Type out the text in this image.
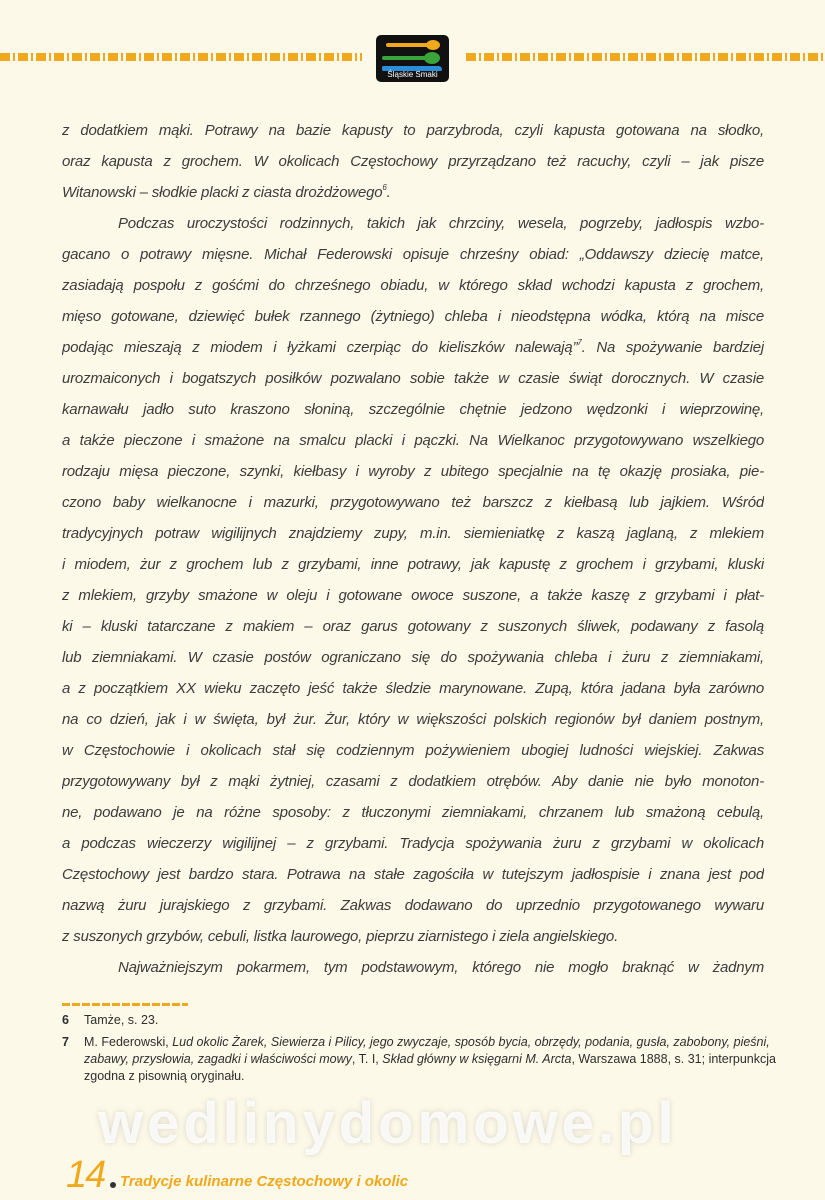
Śląskie Smaki
z dodatkiem mąki. Potrawy na bazie kapusty to parzybroda, czyli kapusta gotowana na słodko,
oraz kapusta z grochem. W okolicach Częstochowy przyrządzano też racuchy, czyli – jak pisze
Witanowski – słodkie placki z ciasta drożdżowego$^6$.
Podczas uroczystości rodzinnych, takich jak chrzciny, wesela, pogrzeby, jadłospis wzbo-
gacano o potrawy mięsne. Michał Federowski opisuje chrześny obiad: „Oddawszy dziecię matce,
zasiadają pospołu z gośćmi do chrześnego obiadu, w którego skład wchodzi kapusta z grochem,
mięso gotowane, dziewięć bułek rzannego (żytniego) chleba i nieodstępna wódka, którą na misce
podając mieszają z miodem i łyżkami czerpiąc do kieliszków nalewają”$^7$. Na spożywanie bardziej
urozmaiconych i bogatszych posiłków pozwalano sobie także w czasie świąt dorocznych. W czasie
karnawału jadło suto kraszono słoniną, szczególnie chętnie jedzono wędzonki i wieprzowinę,
a także pieczone i smażone na smalcu placki i pączki. Na Wielkanoc przygotowywano wszelkiego
rodzaju mięsa pieczone, szynki, kiełbasy i wyroby z ubitego specjalnie na tę okazję prosiaka, pie-
czono baby wielkanocne i mazurki, przygotowywano też barszcz z kiełbasą lub jajkiem. Wśród
tradycyjnych potraw wigilijnych znajdziemy zupy, m.in. siemieniatkę z kaszą jaglaną, z mlekiem
i miodem, żur z grochem lub z grzybami, inne potrawy, jak kapustę z grochem i grzybami, kluski
z mlekiem, grzyby smażone w oleju i gotowane owoce suszone, a także kaszę z grzybami i płat-
ki – kluski tatarczane z makiem – oraz garus gotowany z suszonych śliwek, podawany z fasolą
lub ziemniakami. W czasie postów ograniczano się do spożywania chleba i żuru z ziemniakami,
a z początkiem XX wieku zaczęto jeść także śledzie marynowane. Zupą, która jadana była zarówno
na co dzień, jak i w święta, był żur. Żur, który w większości polskich regionów był daniem postnym,
w Częstochowie i okolicach stał się codziennym pożywieniem ubogiej ludności wiejskiej. Zakwas
przygotowywany był z mąki żytniej, czasami z dodatkiem otrębów. Aby danie nie było monoton-
ne, podawano je na różne sposoby: z tłuczonymi ziemniakami, chrzanem lub smażoną cebulą,
a podczas wieczerzy wigilijnej – z grzybami. Tradycja spożywania żuru z grzybami w okolicach
Częstochowy jest bardzo stara. Potrawa na stałe zagościła w tutejszym jadłospisie i znana jest pod
nazwą żuru jurajskiego z grzybami. Zakwas dodawano do uprzednio przygotowanego wywaru
z suszonych grzybów, cebuli, listka laurowego, pieprzu ziarnistego i ziela angielskiego.
Najważniejszym pokarmem, tym podstawowym, którego nie mogło braknąć w żadnym
6 Tamże, s. 23.
7 M. Federowski, Lud okolic Żarek, Siewierza i Pilicy, jego zwyczaje, sposób bycia, obrzędy, podania, gusła, zabobony, pieśni, zabawy, przysłowia, zagadki i właściwości mowy, T. I, Skład główny w księgarni M. Arcta, Warszawa 1888, s. 31; interpunkcja zgodna z pisownią oryginału.
wedlinydomowe.pl
14 Tradycje kulinarne Częstochowy i okolic
